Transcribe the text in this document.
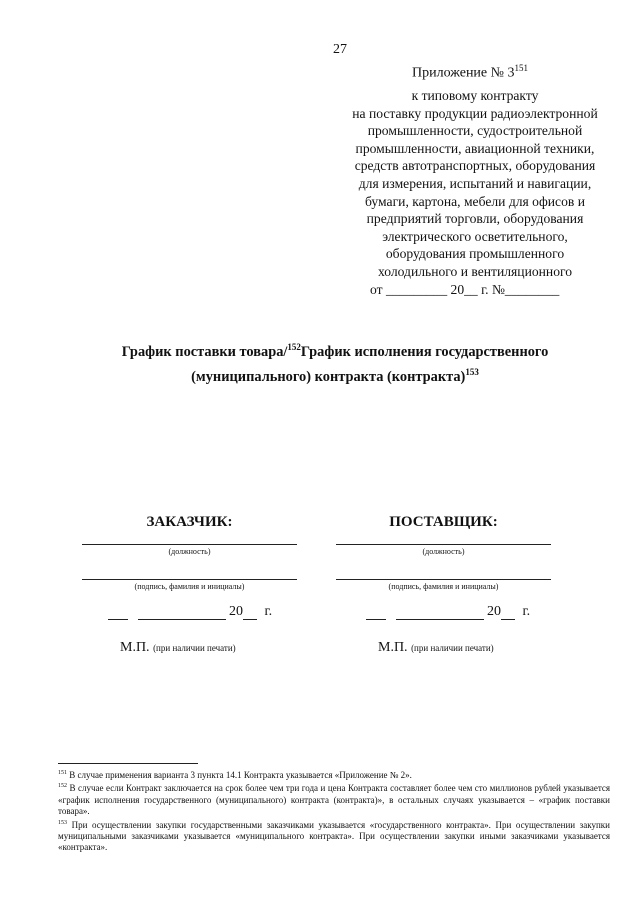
27
Приложение № $3^{151}$
к типовому контракту
на поставку продукции радиоэлектронной
промышленности, судостроительной
промышленности, авиационной техники,
средств автотранспортных, оборудования
для измерения, испытаний и навигации,
бумаги, картона, мебели для офисов и
предприятий торговли, оборудования
электрического осветительного,
оборудования промышленного
холодильного и вентиляционного
от _________ 20__ г. №________
График поставки товара/$^{152}$График исполнения государственного (муниципального) контракта (контракта)$^{153}$
ЗАКАЗЧИК:
(должность)
(подпись, фамилия и инициалы)
20 г.
М.П. (при наличии печати)
ПОСТАВЩИК:
(должность)
(подпись, фамилия и инициалы)
20 г.
М.П. (при наличии печати)

$^{151}$ В случае применения варианта 3 пункта 14.1 Контракта указывается «Приложение № 2».

$^{152}$ В случае если Контракт заключается на срок более чем три года и цена Контракта составляет более чем сто миллионов рублей указывается «график исполнения государственного (муниципального) контракта (контракта)», в остальных случаях указывается – «график поставки товара».

$^{153}$ При осуществлении закупки государственными заказчиками указывается «государственного контракта». При осуществлении закупки муниципальными заказчиками указывается «муниципального контракта». При осуществлении закупки иными заказчиками указывается «контракта».
